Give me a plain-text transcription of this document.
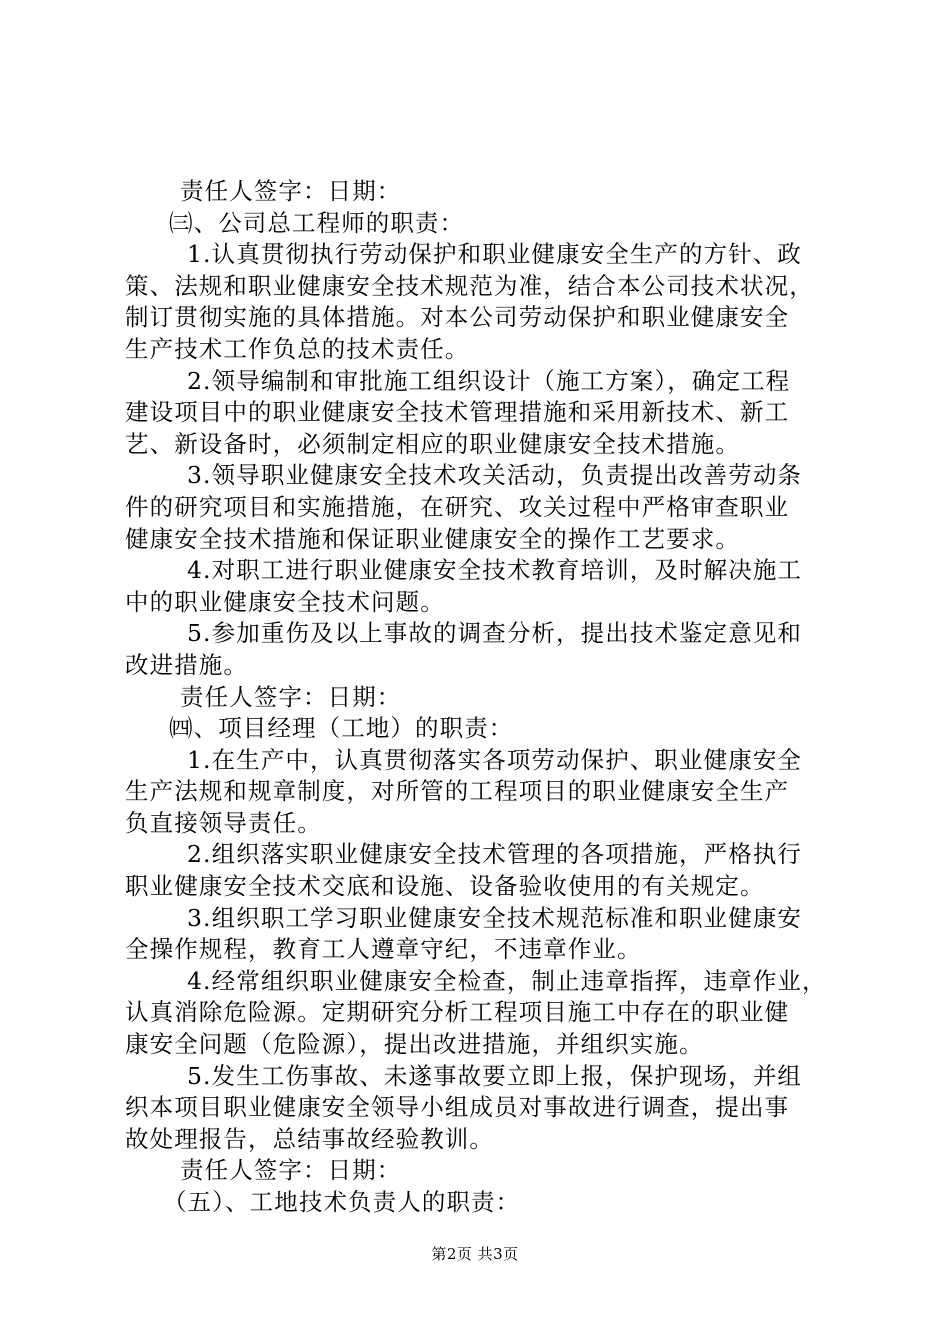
责任人签字：日期：
㈢、公司总工程师的职责：
1.认真贯彻执行劳动保护和职业健康安全生产的方针、政
策、法规和职业健康安全技术规范为准，结合本公司技术状况，
制订贯彻实施的具体措施。对本公司劳动保护和职业健康安全
生产技术工作负总的技术责任。
2.领导编制和审批施工组织设计（施工方案），确定工程
建设项目中的职业健康安全技术管理措施和采用新技术、新工
艺、新设备时，必须制定相应的职业健康安全技术措施。
3.领导职业健康安全技术攻关活动，负责提出改善劳动条
件的研究项目和实施措施，在研究、攻关过程中严格审查职业
健康安全技术措施和保证职业健康安全的操作工艺要求。
4.对职工进行职业健康安全技术教育培训，及时解决施工
中的职业健康安全技术问题。
5.参加重伤及以上事故的调查分析，提出技术鉴定意见和
改进措施。
责任人签字：日期：
㈣、项目经理（工地）的职责：
1.在生产中，认真贯彻落实各项劳动保护、职业健康安全
生产法规和规章制度，对所管的工程项目的职业健康安全生产
负直接领导责任。
2.组织落实职业健康安全技术管理的各项措施，严格执行
职业健康安全技术交底和设施、设备验收使用的有关规定。
3.组织职工学习职业健康安全技术规范标准和职业健康安
全操作规程，教育工人遵章守纪，不违章作业。
4.经常组织职业健康安全检查，制止违章指挥，违章作业，
认真消除危险源。定期研究分析工程项目施工中存在的职业健
康安全问题（危险源），提出改进措施，并组织实施。
5.发生工伤事故、未遂事故要立即上报，保护现场，并组
织本项目职业健康安全领导小组成员对事故进行调查，提出事
故处理报告，总结事故经验教训。
责任人签字：日期：
（五）、工地技术负责人的职责：
第2页 共3页
